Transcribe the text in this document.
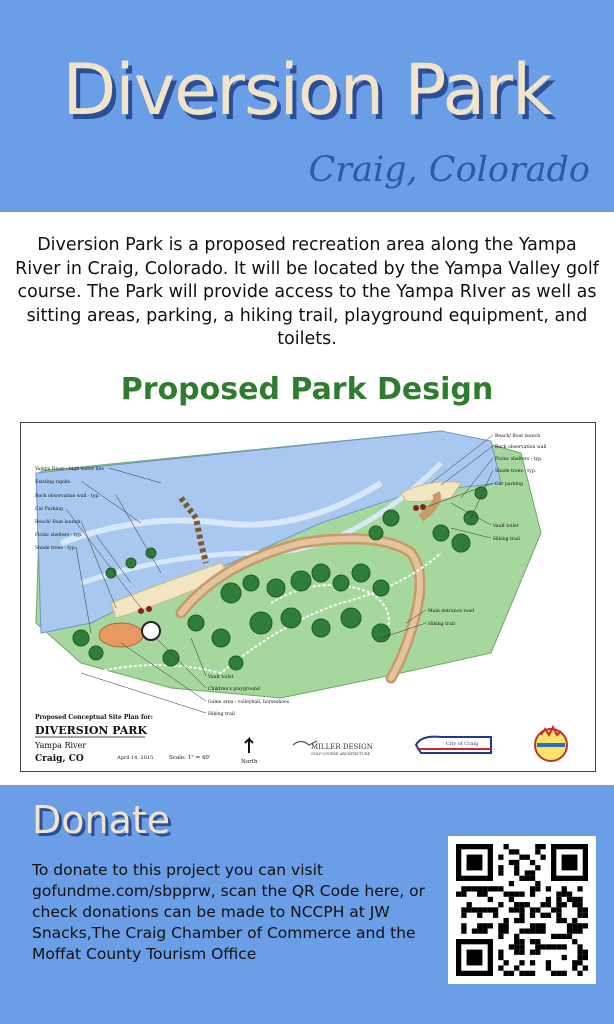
Diversion Park
Craig, Colorado
Diversion Park is a proposed recreation area along the Yampa River in Craig, Colorado. It will be located by the Yampa Valley golf course. The Park will provide access to the Yampa RIver as well as sitting areas, parking, a hiking trail, playground equipment, and toilets.
Proposed Park Design
Yampa River - high water line
Existing rapids
Rock observation wall - typ.
Car Parking
Beach/ Boat launch
Picnic shelters - typ.
Shade trees - typ.
Beach/ Boat launch
Rock observation wall
Picnic shelters - typ.
Shade trees - typ.
Car parking
Vault toilet
Hiking trail
Main entrance road
Hiking trail
Vault toilet
Children's playground
Game area - volleyball, horseshoes
Hiking trail
Proposed Conceptual Site Plan for:
DIVERSION PARK
Yampa River
Craig, CO	April 14, 2015	Scale: 1" = 40'
North
MILLER DESIGN
GOLF COURSE ARCHITECTURE
City of Craig
Donate
To donate to this project you can visit gofundme.com/sbpprw, scan the QR Code here, or check donations can be made to NCCPH at JW Snacks,The Craig Chamber of Commerce and the Moffat County Tourism Office
